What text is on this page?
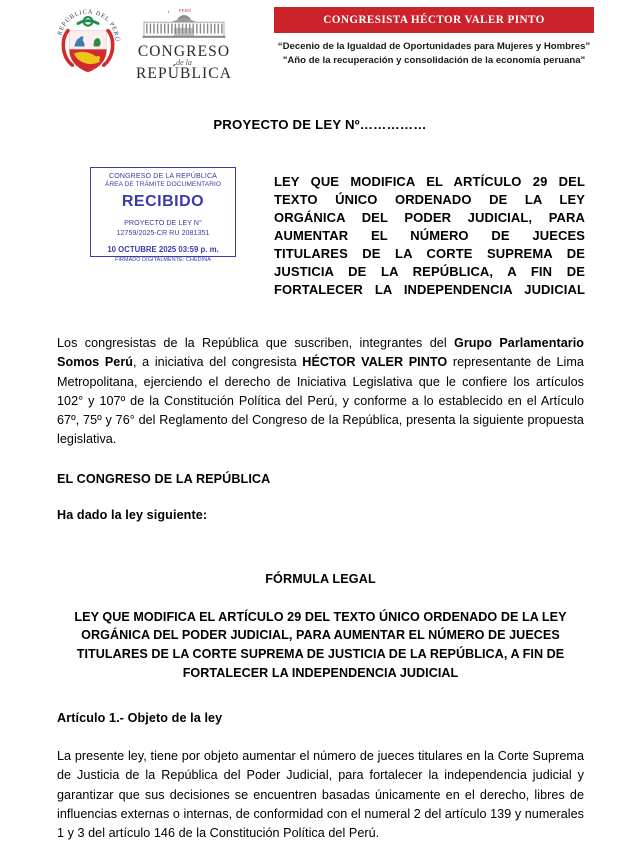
REPÚBLICA DEL PERÚ
PERÚ
CONGRESO
de la
REPÚBLICA
CONGRESISTA HÉCTOR VALER PINTO
“Decenio de la Igualdad de Oportunidades para Mujeres y Hombres”
"Año de la recuperación y consolidación de la economía peruana"
PROYECTO DE LEY Nº……………
CONGRESO DE LA REPÚBLICA
ÁREA DE TRÁMITE DOCUMENTARIO
RECIBIDO
PROYECTO DE LEY N°
12759/2025-CR RU 2081351
10 OCTUBRE 2025 03:59 p. m.
FIRMADO DIGITALMENTE: CHEDINA
LEY QUE MODIFICA EL ARTÍCULO 29 DEL TEXTO ÚNICO ORDENADO DE LA LEY ORGÁNICA DEL PODER JUDICIAL, PARA AUMENTAR EL NÚMERO DE JUECES TITULARES DE LA CORTE SUPREMA DE JUSTICIA DE LA REPÚBLICA, A FIN DE FORTALECER LA INDEPENDENCIA JUDICIAL

Los congresistas de la República que suscriben, integrantes del Grupo Parlamentario Somos Perú, a iniciativa del congresista HÉCTOR VALER PINTO representante de Lima Metropolitana, ejerciendo el derecho de Iniciativa Legislativa que le confiere los artículos 102° y 107º de la Constitución Política del Perú, y conforme a lo establecido en el Artículo 67º, 75º y 76° del Reglamento del Congreso de la República, presenta la siguiente propuesta legislativa.

EL CONGRESO DE LA REPÚBLICA

Ha dado la ley siguiente:

FÓRMULA LEGAL

LEY QUE MODIFICA EL ARTÍCULO 29 DEL TEXTO ÚNICO ORDENADO DE LA LEY ORGÁNICA DEL PODER JUDICIAL, PARA AUMENTAR EL NÚMERO DE JUECES TITULARES DE LA CORTE SUPREMA DE JUSTICIA DE LA REPÚBLICA, A FIN DE FORTALECER LA INDEPENDENCIA JUDICIAL

Artículo 1.- Objeto de la ley

La presente ley, tiene por objeto aumentar el número de jueces titulares en la Corte Suprema de Justicia de la República del Poder Judicial, para fortalecer la independencia judicial y garantizar que sus decisiones se encuentren basadas únicamente en el derecho, libres de influencias externas o internas, de conformidad con el numeral 2 del artículo 139 y numerales 1 y 3 del artículo 146 de la Constitución Política del Perú.
